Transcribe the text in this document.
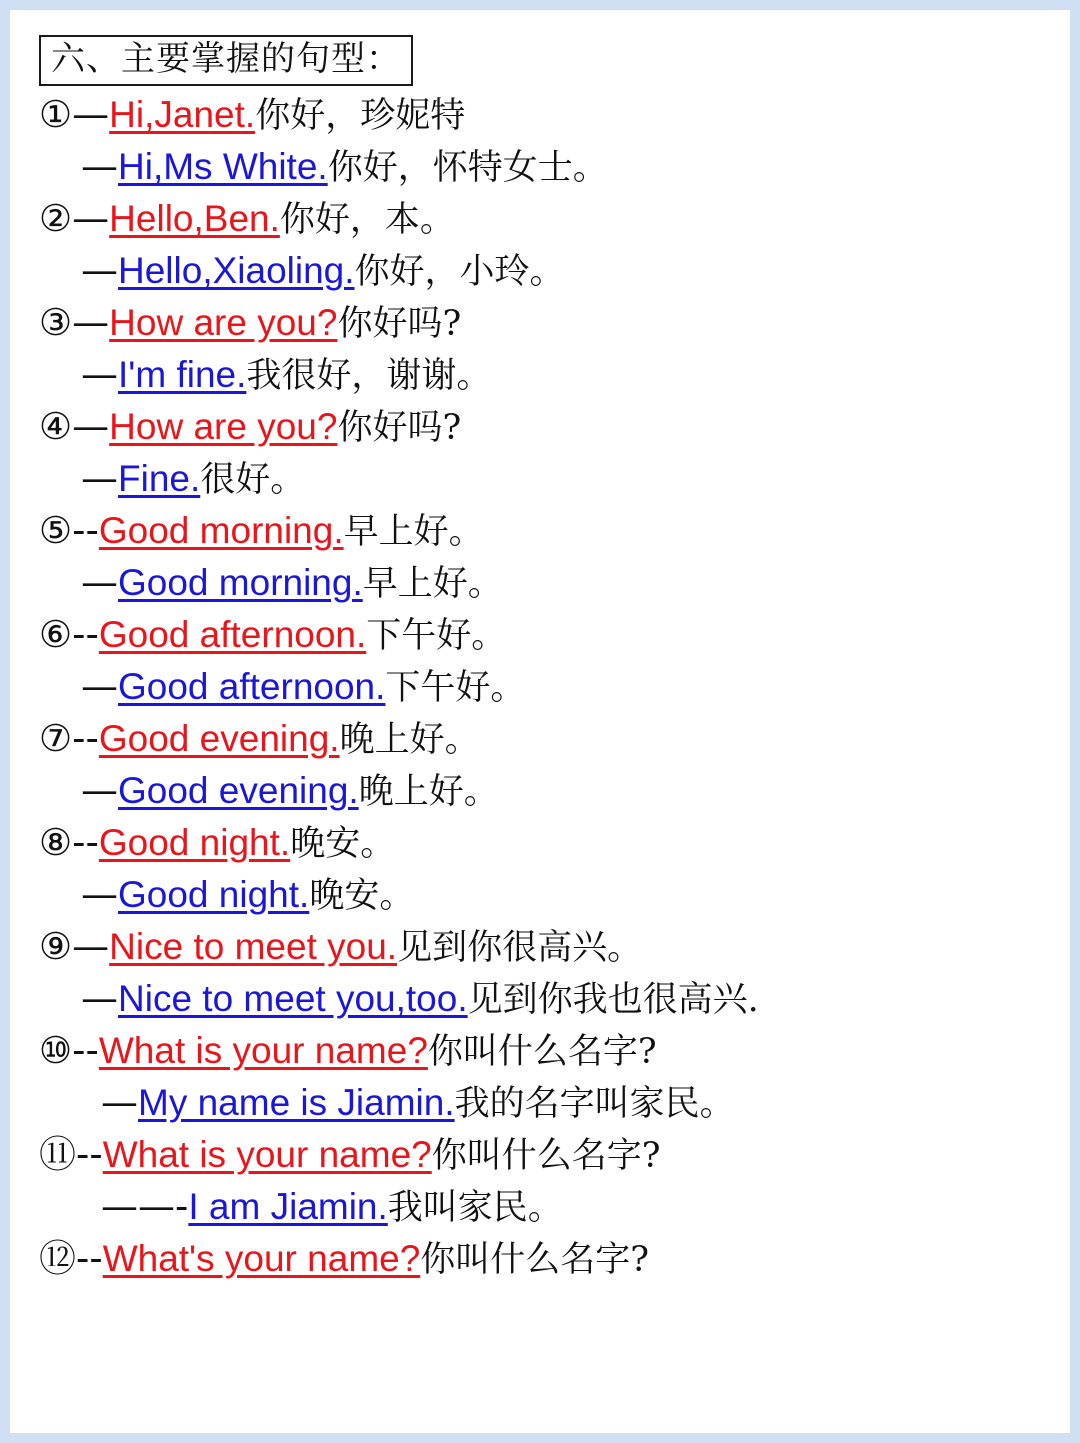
六、主要掌握的句型：
①—Hi,Janet.你好，珍妮特
—Hi,Ms White.你好，怀特女士。
②—Hello,Ben.你好，本。
—Hello,Xiaoling.你好，小玲。
③—How are you?你好吗?
—I'm fine.我很好，谢谢。
④—How are you?你好吗?
—Fine.很好。
⑤--Good morning.早上好。
—Good morning.早上好。
⑥--Good afternoon.下午好。
—Good afternoon.下午好。
⑦--Good evening.晚上好。
—Good evening.晚上好。
⑧--Good night.晚安。
—Good night.晚安。
⑨—Nice to meet you.见到你很高兴。
—Nice to meet you,too.见到你我也很高兴.
⑩--What is your name?你叫什么名字?
—My name is Jiamin.我的名字叫家民。
⑪--What is your name?你叫什么名字?
——-I am Jiamin.我叫家民。
⑫--What's your name?你叫什么名字?
